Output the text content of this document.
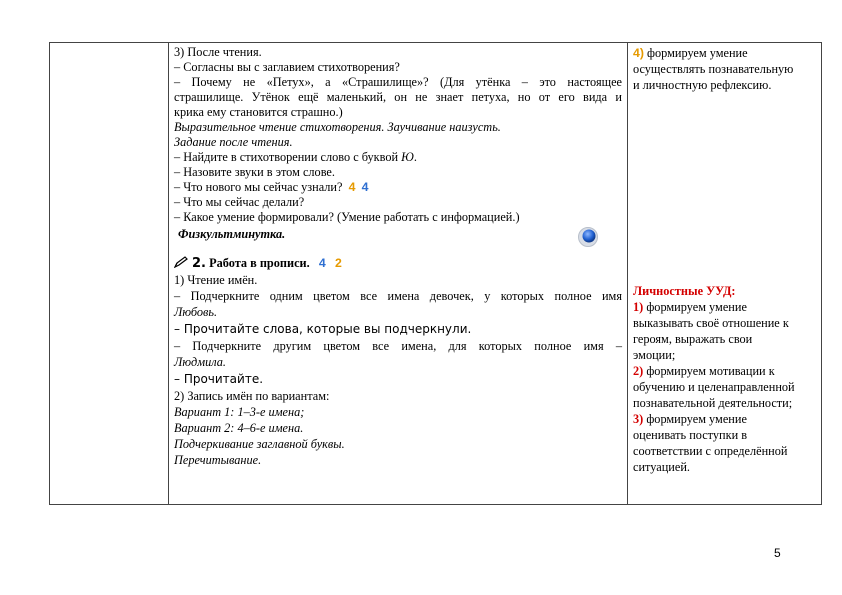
3) После чтения.
– Согласны вы с заглавием стихотворения?
– Почему не «Петух», а «Страшилище»? (Для утёнка – это настоящее
страшилище. Утёнок ещё маленький, он не знает петуха, но от его вида и
крика ему становится страшно.)
Выразительное чтение стихотворения. Заучивание наизусть.
Задание после чтения.
– Найдите в стихотворении слово с буквой Ю.
– Назовите звуки в этом слове.
– Что нового мы сейчас узнали? 4 4
– Что мы сейчас делали?
– Какое умение формировали? (Умение работать с информацией.)
Физкультминутка.
2. Работа в прописи. 4 2
1) Чтение имён.
– Подчеркните одним цветом все имена девочек, у которых полное имя
Любовь.
– Прочитайте слова, которые вы подчеркнули.
– Подчеркните другим цветом все имена, для которых полное имя –
Людмила.
– Прочитайте.
2) Запись имён по вариантам:
Вариант 1: 1–3-е имена;
Вариант 2: 4–6-е имена.
Подчеркивание заглавной буквы.
Перечитывание.
4) формируем умение
осуществлять познавательную
и личностную рефлексию.
Личностные УУД:
1) формируем умение
выказывать своё отношение к
героям, выражать свои
эмоции;
2) формируем мотивации к
обучению и целенаправленной
познавательной деятельности;
3) формируем умение
оценивать поступки в
соответствии с определённой
ситуацией.
5
